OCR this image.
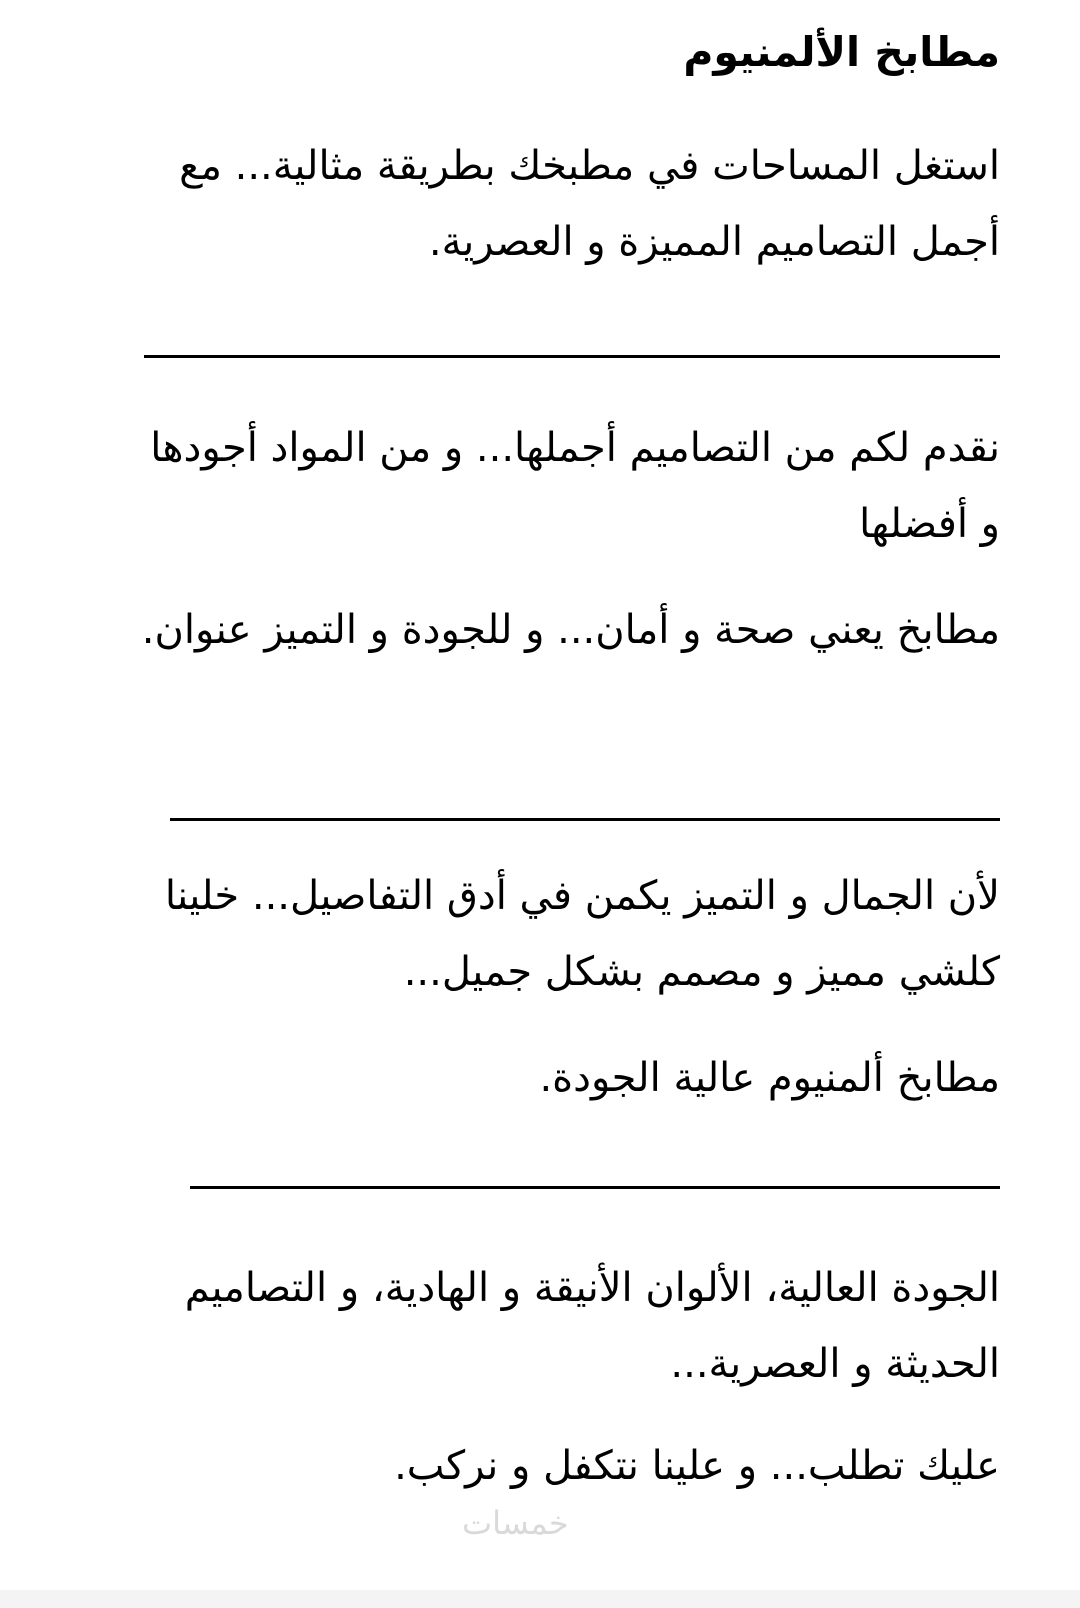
مطابخ الألمنيوم
استغل المساحات في مطبخك بطريقة مثالية... مع أجمل التصاميم المميزة و العصرية.
نقدم لكم من التصاميم أجملها... و من المواد أجودها و أفضلها
مطابخ يعني صحة و أمان... و للجودة و التميز عنوان.
لأن الجمال و التميز يكمن في أدق التفاصيل... خلينا كلشي مميز و مصمم بشكل جميل...
مطابخ ألمنيوم عالية الجودة.
الجودة العالية، الألوان الأنيقة و الهادية، و التصاميم الحديثة و العصرية...
عليك تطلب... و علينا نتكفل و نركب.
خمسات
